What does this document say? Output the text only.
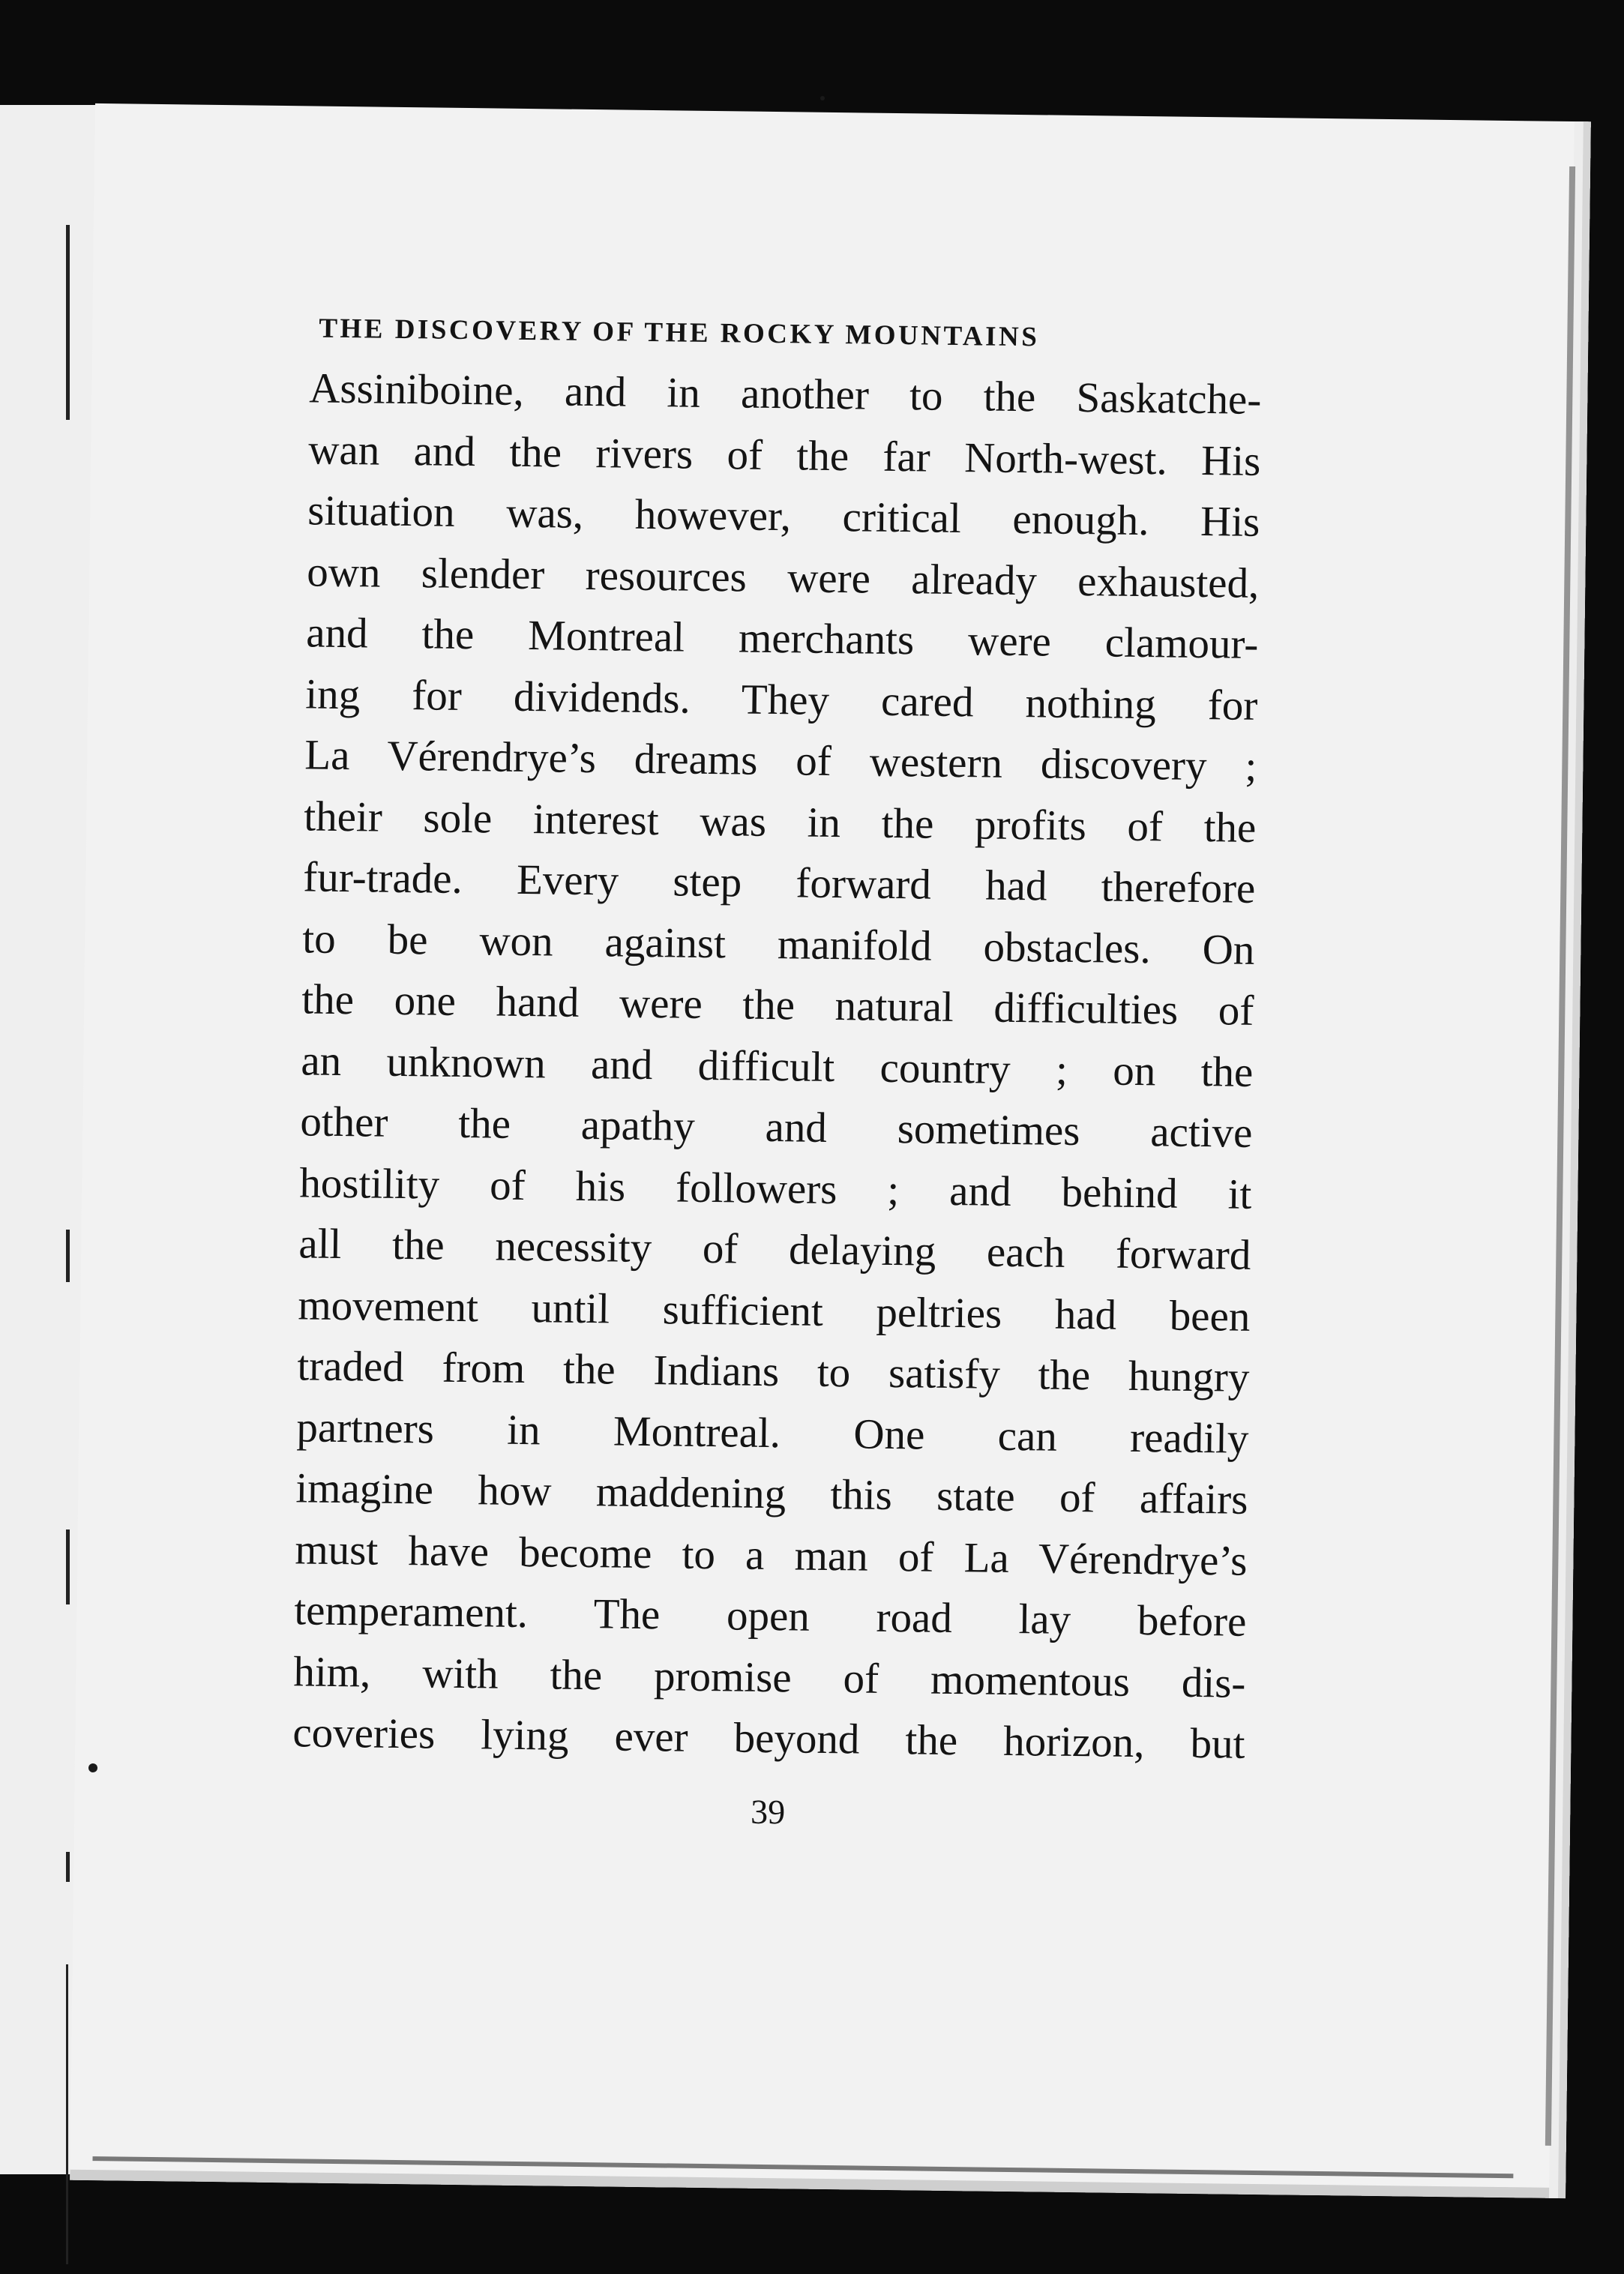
THE DISCOVERY OF THE ROCKY MOUNTAINS
Assiniboine, and in another to the Saskatche-
wan and the rivers of the far North-west. His
situation was, however, critical enough. His
own slender resources were already exhausted,
and the Montreal merchants were clamour-
ing for dividends. They cared nothing for
La Vérendrye’s dreams of western discovery ;
their sole interest was in the profits of the
fur-trade. Every step forward had therefore
to be won against manifold obstacles. On
the one hand were the natural difficulties of
an unknown and difficult country ; on the
other the apathy and sometimes active
hostility of his followers ; and behind it
all the necessity of delaying each forward
movement until sufficient peltries had been
traded from the Indians to satisfy the hungry
partners in Montreal. One can readily
imagine how maddening this state of affairs
must have become to a man of La Vérendrye’s
temperament. The open road lay before
him, with the promise of momentous dis-
coveries lying ever beyond the horizon, but
39
